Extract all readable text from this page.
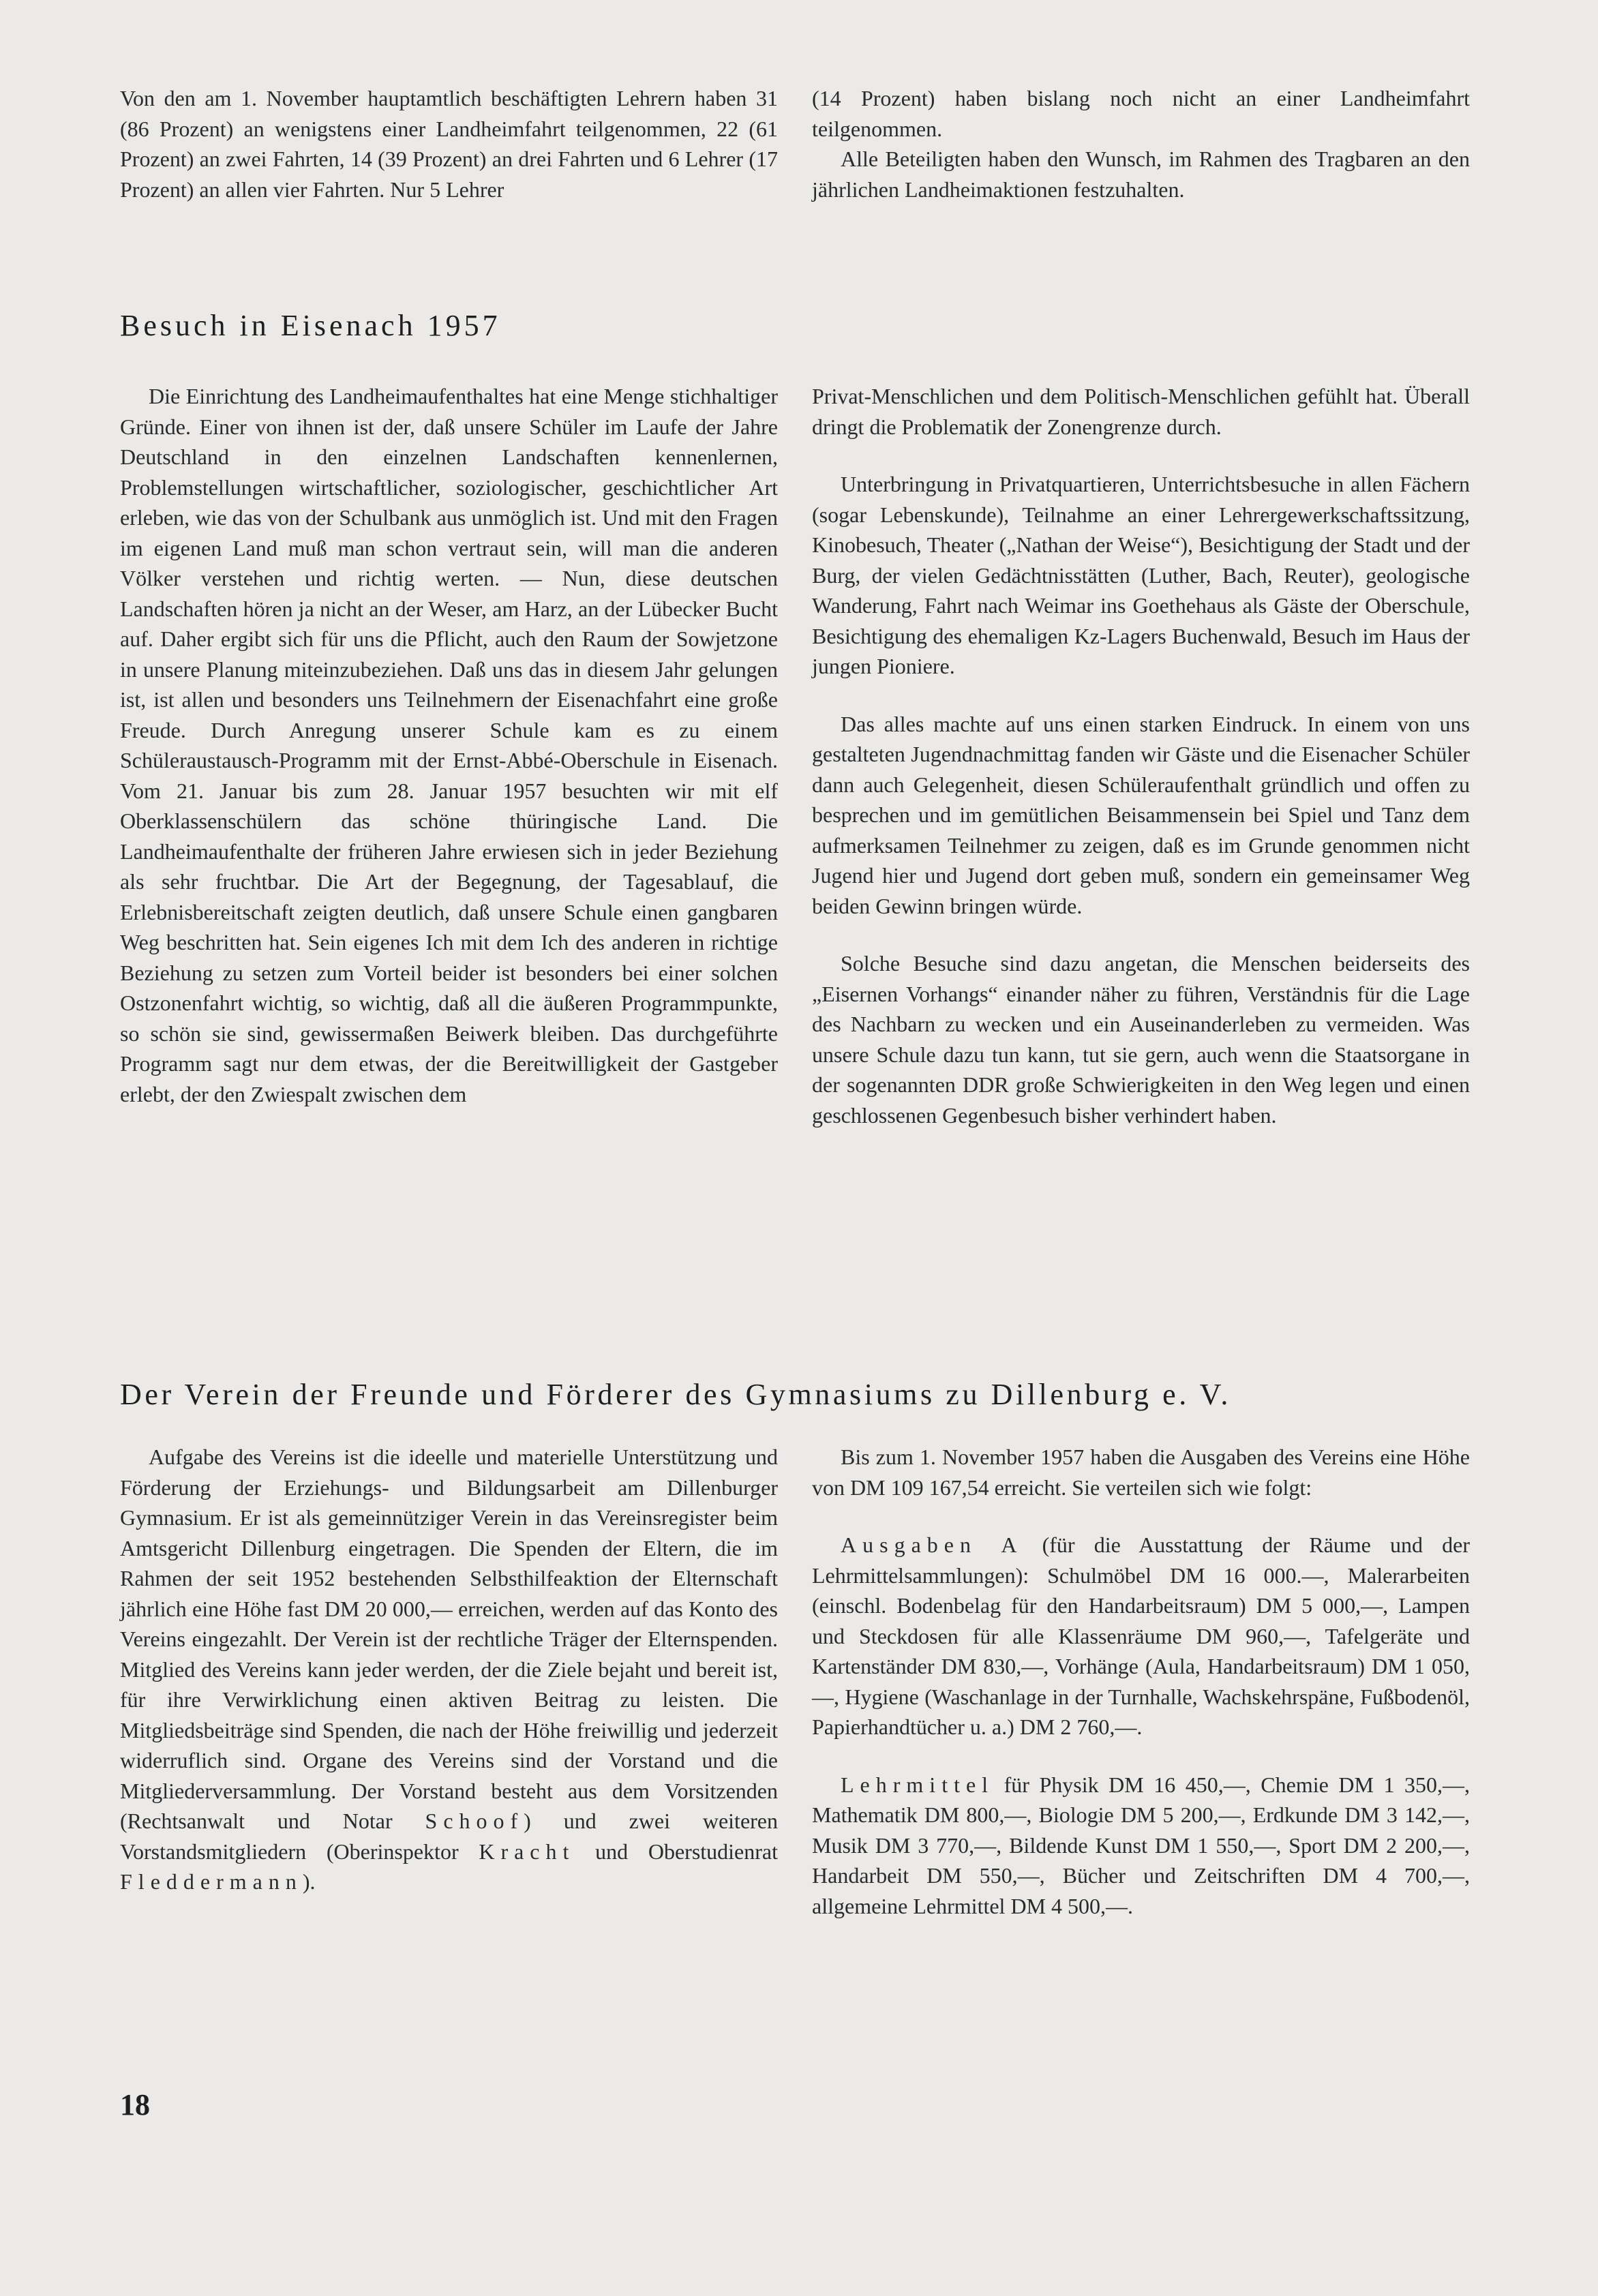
Von den am 1. November hauptamtlich beschäftigten Lehrern haben 31 (86 Prozent) an wenigstens einer Landheimfahrt teilgenommen, 22 (61 Prozent) an zwei Fahrten, 14 (39 Prozent) an drei Fahrten und 6 Lehrer (17 Prozent) an allen vier Fahrten. Nur 5 Lehrer

(14 Prozent) haben bislang noch nicht an einer Landheimfahrt teilgenommen.

Alle Beteiligten haben den Wunsch, im Rahmen des Tragbaren an den jährlichen Landheimaktionen festzuhalten.

Besuch in Eisenach 1957

Die Einrichtung des Landheimaufenthaltes hat eine Menge stichhaltiger Gründe. Einer von ihnen ist der, daß unsere Schüler im Laufe der Jahre Deutschland in den einzelnen Landschaften kennenlernen, Problemstellungen wirtschaftlicher, soziologischer, geschichtlicher Art erleben, wie das von der Schulbank aus unmöglich ist. Und mit den Fragen im eigenen Land muß man schon vertraut sein, will man die anderen Völker verstehen und richtig werten. — Nun, diese deutschen Landschaften hören ja nicht an der Weser, am Harz, an der Lübecker Bucht auf. Daher ergibt sich für uns die Pflicht, auch den Raum der Sowjetzone in unsere Planung miteinzubeziehen. Daß uns das in diesem Jahr gelungen ist, ist allen und besonders uns Teilnehmern der Eisenachfahrt eine große Freude. Durch Anregung unserer Schule kam es zu einem Schüleraustausch-Programm mit der Ernst-Abbé-Oberschule in Eisenach. Vom 21. Januar bis zum 28. Januar 1957 besuchten wir mit elf Oberklassenschülern das schöne thüringische Land. Die Landheimaufenthalte der früheren Jahre erwiesen sich in jeder Beziehung als sehr fruchtbar. Die Art der Begegnung, der Tagesablauf, die Erlebnisbereitschaft zeigten deutlich, daß unsere Schule einen gangbaren Weg beschritten hat. Sein eigenes Ich mit dem Ich des anderen in richtige Beziehung zu setzen zum Vorteil beider ist besonders bei einer solchen Ostzonenfahrt wichtig, so wichtig, daß all die äußeren Programmpunkte, so schön sie sind, gewissermaßen Beiwerk bleiben. Das durchgeführte Programm sagt nur dem etwas, der die Bereitwilligkeit der Gastgeber erlebt, der den Zwiespalt zwischen dem

Privat-Menschlichen und dem Politisch-Menschlichen gefühlt hat. Überall dringt die Problematik der Zonengrenze durch.

Unterbringung in Privatquartieren, Unterrichtsbesuche in allen Fächern (sogar Lebenskunde), Teilnahme an einer Lehrergewerkschaftssitzung, Kinobesuch, Theater („Nathan der Weise“), Besichtigung der Stadt und der Burg, der vielen Gedächtnisstätten (Luther, Bach, Reuter), geologische Wanderung, Fahrt nach Weimar ins Goethehaus als Gäste der Oberschule, Besichtigung des ehemaligen Kz-Lagers Buchenwald, Besuch im Haus der jungen Pioniere.

Das alles machte auf uns einen starken Eindruck. In einem von uns gestalteten Jugendnachmittag fanden wir Gäste und die Eisenacher Schüler dann auch Gelegenheit, diesen Schüleraufenthalt gründlich und offen zu besprechen und im gemütlichen Beisammensein bei Spiel und Tanz dem aufmerksamen Teilnehmer zu zeigen, daß es im Grunde genommen nicht Jugend hier und Jugend dort geben muß, sondern ein gemeinsamer Weg beiden Gewinn bringen würde.

Solche Besuche sind dazu angetan, die Menschen beiderseits des „Eisernen Vorhangs“ einander näher zu führen, Verständnis für die Lage des Nachbarn zu wecken und ein Auseinanderleben zu vermeiden. Was unsere Schule dazu tun kann, tut sie gern, auch wenn die Staatsorgane in der sogenannten DDR große Schwierigkeiten in den Weg legen und einen geschlossenen Gegenbesuch bisher verhindert haben.

Der Verein der Freunde und Förderer des Gymnasiums zu Dillenburg e. V.

Aufgabe des Vereins ist die ideelle und materielle Unterstützung und Förderung der Erziehungs- und Bildungsarbeit am Dillenburger Gymnasium. Er ist als gemeinnütziger Verein in das Vereinsregister beim Amtsgericht Dillenburg eingetragen. Die Spenden der Eltern, die im Rahmen der seit 1952 bestehenden Selbsthilfeaktion der Elternschaft jährlich eine Höhe fast DM 20 000,— erreichen, werden auf das Konto des Vereins eingezahlt. Der Verein ist der rechtliche Träger der Elternspenden. Mitglied des Vereins kann jeder werden, der die Ziele bejaht und bereit ist, für ihre Verwirklichung einen aktiven Beitrag zu leisten. Die Mitgliedsbeiträge sind Spenden, die nach der Höhe freiwillig und jederzeit widerruflich sind. Organe des Vereins sind der Vorstand und die Mitgliederversammlung. Der Vorstand besteht aus dem Vorsitzenden (Rechtsanwalt und Notar Schoof) und zwei weiteren Vorstandsmitgliedern (Oberinspektor Kracht und Oberstudienrat Fleddermann).

Bis zum 1. November 1957 haben die Ausgaben des Vereins eine Höhe von DM 109 167,54 erreicht. Sie verteilen sich wie folgt:

Ausgaben A (für die Ausstattung der Räume und der Lehrmittelsammlungen): Schulmöbel DM 16 000.—, Malerarbeiten (einschl. Bodenbelag für den Handarbeitsraum) DM 5 000,—, Lampen und Steckdosen für alle Klassenräume DM 960,—, Tafelgeräte und Kartenständer DM 830,—, Vorhänge (Aula, Handarbeitsraum) DM 1 050,—, Hygiene (Waschanlage in der Turnhalle, Wachskehrspäne, Fußbodenöl, Papierhandtücher u. a.) DM 2 760,—.

Lehrmittel für Physik DM 16 450,—, Chemie DM 1 350,—, Mathematik DM 800,—, Biologie DM 5 200,—, Erdkunde DM 3 142,—, Musik DM 3 770,—, Bildende Kunst DM 1 550,—, Sport DM 2 200,—, Handarbeit DM 550,—, Bücher und Zeitschriften DM 4 700,—, allgemeine Lehrmittel DM 4 500,—.

18
